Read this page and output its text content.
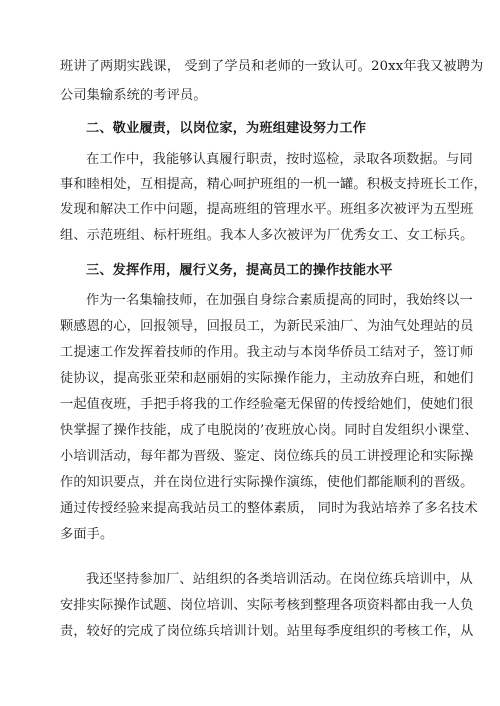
班讲了两期实践课， 受到了学员和老师的一致认可。20xx年我又被聘为
公司集输系统的考评员。
二、敬业履责，以岗位家，为班组建设努力工作
在工作中，我能够认真履行职责，按时巡检，录取各项数据。与同
事和睦相处，互相提高，精心呵护班组的一机一罐。积极支持班长工作，
发现和解决工作中问题，提高班组的管理水平。班组多次被评为五型班
组、示范班组、标杆班组。我本人多次被评为厂优秀女工、女工标兵。
三、发挥作用，履行义务，提高员工的操作技能水平
作为一名集输技师，在加强自身综合素质提高的同时，我始终以一
颗感恩的心，回报领导，回报员工，为新民采油厂、为油气处理站的员
工提速工作发挥着技师的作用。我主动与本岗华侨员工结对子，签订师
徒协议，提高张亚荣和赵丽娟的实际操作能力，主动放弃白班，和她们
一起值夜班，手把手将我的工作经验毫无保留的传授给她们，使她们很
快掌握了操作技能，成了电脱岗的’夜班放心岗。同时自发组织小课堂、
小培训活动，每年都为晋级、鉴定、岗位练兵的员工讲授理论和实际操
作的知识要点，并在岗位进行实际操作演练，使他们都能顺利的晋级。
通过传授经验来提高我站员工的整体素质， 同时为我站培养了多名技术
多面手。
我还坚持参加厂、站组织的各类培训活动。在岗位练兵培训中，从
安排实际操作试题、岗位培训、实际考核到整理各项资料都由我一人负
责，较好的完成了岗位练兵培训计划。站里每季度组织的考核工作，从
